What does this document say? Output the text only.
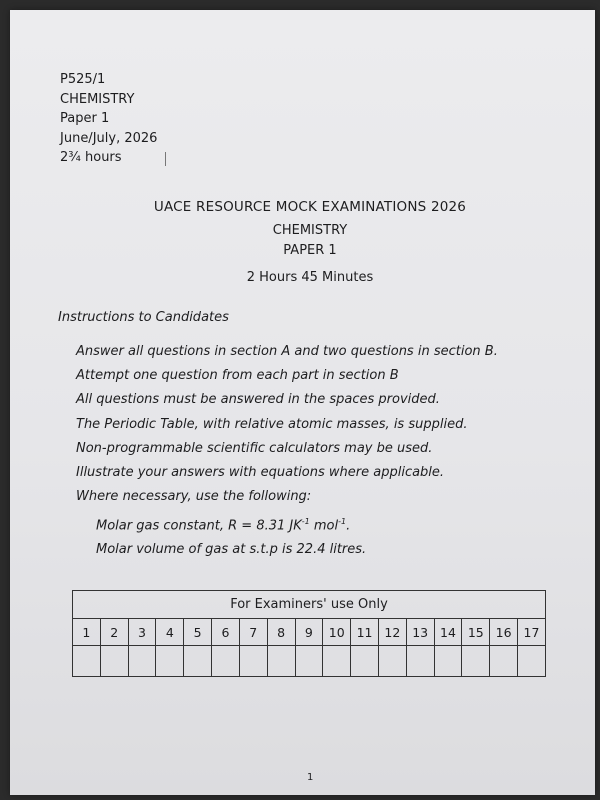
P525/1
CHEMISTRY
Paper 1
June/July, 2026
2¾ hours
UACE RESOURCE MOCK EXAMINATIONS 2026
CHEMISTRY
PAPER 1
2 Hours 45 Minutes
Instructions to Candidates
Answer all questions in section A and two questions in section B.
Attempt one question from each part in section B
All questions must be answered in the spaces provided.
The Periodic Table, with relative atomic masses, is supplied.
Non-programmable scientific calculators may be used.
Illustrate your answers with equations where applicable.
Where necessary, use the following:
Molar gas constant, R = 8.31 $JK^{-1}$ mol$^{-1}$.
Molar volume of gas at s.t.p is 22.4 litres.
For Examiners' use Only																
1	2	3	4	5	6	7	8	9	10	11	12	13	14	15	16	17

1
